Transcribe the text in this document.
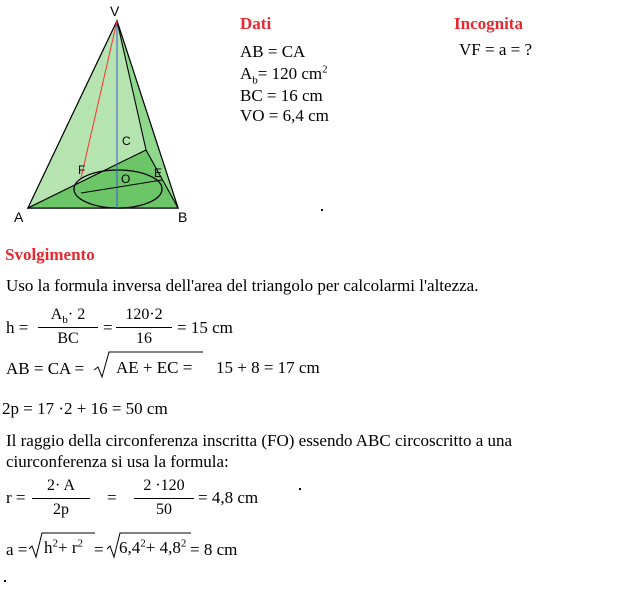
V
A	B
C
E
F
O
Dati
AB = CA
$A_b= 120$ $cm^2$
BC = 16 cm
VO = 6,4 cm
Incognita
VF = a = ?
Svolgimento
Uso la formula inversa dell'area del triangolo per calcolarmi l'altezza.
h =
$A_b\cdot 2$
BC
=
120·2
16
= 15 cm
AB = CA = AE + EC = 15 + 8 = 17 cm
2p = 17 ·2 + 16 = 50 cm
Il raggio della circonferenza inscritta (FO) essendo ABC circoscritto a una
ciurconferenza si usa la formula:
r =
2· A
2p
=
2 ·120
50
= 4,8 cm
$a = h^2+ r^2 = 6,4^2+ 4,8^2 = 8$ cm
